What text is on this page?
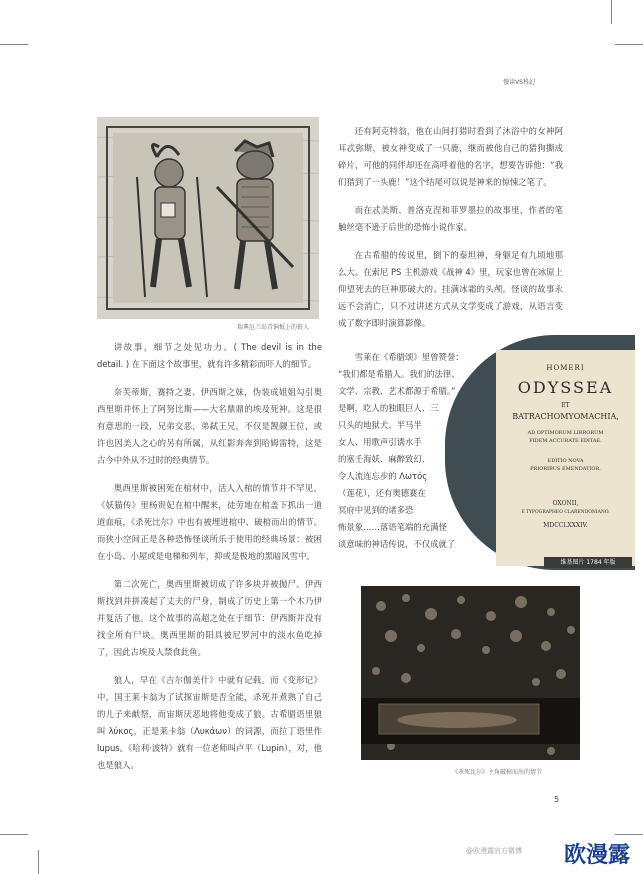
慢读VS科幻
瑞典厄兰岛青铜板上的狼人

讲故事，细节之处见功力。( The devil is in the detail. ) 在下面这个故事里，就有许多精彩而吓人的细节。

奈芙蒂斯，赛特之妻、伊西斯之妹，伪装成姐姐勾引奥西里斯并怀上了阿努比斯——大名鼎鼎的埃及死神。这是很有意思的一段，兄弟交恶，弟弑王兄，不仅是觊觎王位，或许也因美人之心的另有所属，从红影奔奔到哈姆雷特，这是古今中外从不过时的经典情节。

奥西里斯被困死在棺材中，活人入棺的情节并不罕见，《妖猫传》里杨贵妃在棺中醒来，徒劳地在棺盖下抓出一道道血痕，《杀死比尔》中也有被埋进棺中、破棺而出的情节。而狭小空间正是各种恐怖怪谈所乐于使用的经典场景：被困在小岛、小屋或是电梯和列车，抑或是极地的黑暗风雪中。

第二次死亡，奥西里斯被切成了许多块并被抛尸。伊西斯找到并拼凑起了丈夫的尸身，制成了历史上第一个木乃伊并复活了他。这个故事的高超之处在于细节：伊西斯并没有找全所有尸块。奥西里斯的阳具被尼罗河中的淡水鱼吃掉了，因此古埃及人禁食此鱼。

狼人，早在《吉尔伽美什》中就有记载。而《变形记》中，国王莱卡翁为了试探宙斯是否全能，杀死并煮熟了自己的儿子来献祭，而宙斯厌恶地将他变成了狼。古希腊语里狼叫 λύκος，正是莱卡翁（Λυκάων）的词源，而拉丁语里作 lupus。《哈利·波特》就有一位老师叫卢平（Lupin），对，他也是狼人。

还有阿克特翁，他在山间打猎时看到了沐浴中的女神阿耳忒弥斯，被女神变成了一只鹿，继而被他自己的猎狗撕成碎片，可他的同伴却还在高呼着他的名字，想要告诉他：“我们猎到了一头鹿！”这个结尾可以说是神来的惊悚之笔了。

而在忒美斯、普洛克涅和菲罗墨拉的故事里，作者的笔触丝毫不逊于后世的恐怖小说作家。

在古希腊的传说里，倒下的泰坦神，身躯足有九顷地那么大。在索尼 PS 主机游戏《战神 4》里，玩家也曾在冰原上仰望死去的巨神那破大的、挂满冰霜的头颅。怪谈的故事永远不会消亡，只不过讲述方式从文学变成了游戏，从语言变成了数字即时演算影像。

HOMERI
ODYSSEA
ET
BATRACHOMYOMACHIA,
AD OPTIMORUM LIBRORUM
FIDEM ACCURATE EDITAE.
EDITIO NOVA
PRIORIBUS EMENDATIOR.
OXONII,
E TYPOGRAPHEO CLARENDONIANO.
MDCCLXXXIV.
维基图片 1784 年版
雪莱在《希腊颂》里曾赞誉：
“我们都是希腊人。我们的法律、
文学、宗教、艺术都源于希腊。”
是啊，吃人的独眼巨人、三
只头的地狱犬、半马半
女人、用歌声引诱水手
的塞壬海妖、麻醉致幻、
令人流连忘步的 Λωτός
（莲花），还有奥德赛在
冥府中见到的诸多恐
怖景象……落语笔端的充满怪
谈意味的神话传说，不仅成就了
《杀死比尔》主角破棺而出的情节
5
@欧漫露官方微博 欧漫露
